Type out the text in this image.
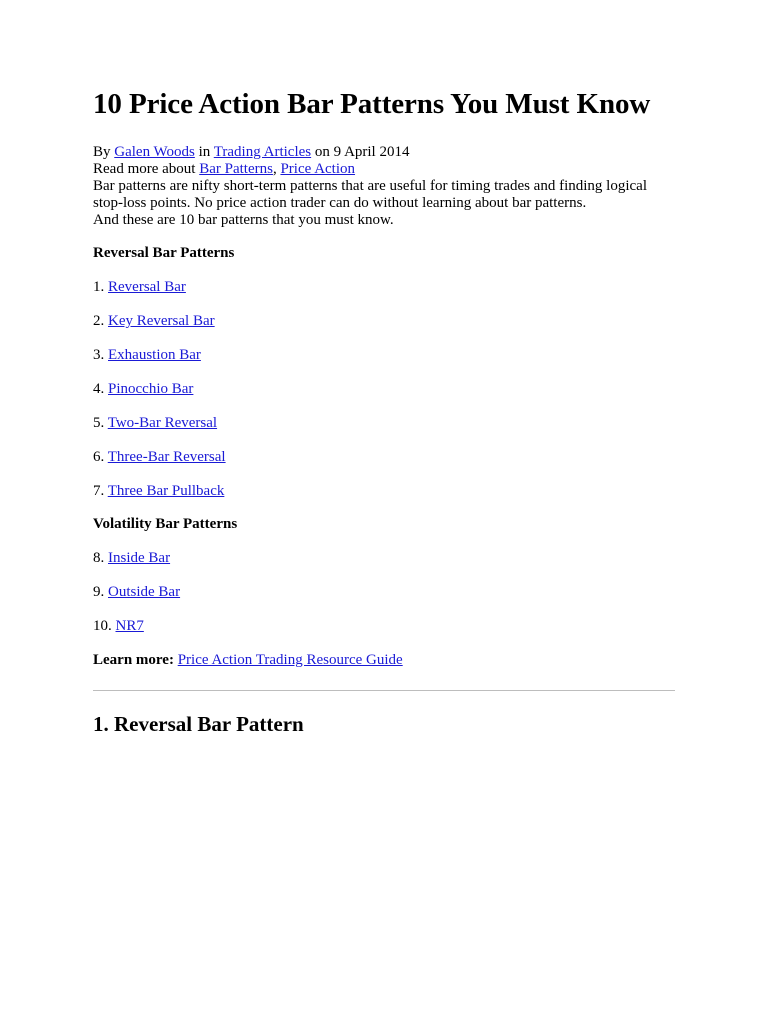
10 Price Action Bar Patterns You Must Know

By Galen Woods in Trading Articles on 9 April 2014

Read more about Bar Patterns, Price Action

Bar patterns are nifty short-term patterns that are useful for timing trades and finding logical stop-loss points. No price action trader can do without learning about bar patterns.

And these are 10 bar patterns that you must know.

Reversal Bar Patterns

1. Reversal Bar

2. Key Reversal Bar

3. Exhaustion Bar

4. Pinocchio Bar

5. Two-Bar Reversal

6. Three-Bar Reversal

7. Three Bar Pullback

Volatility Bar Patterns

8. Inside Bar

9. Outside Bar

10. NR7

Learn more: Price Action Trading Resource Guide

1. Reversal Bar Pattern
